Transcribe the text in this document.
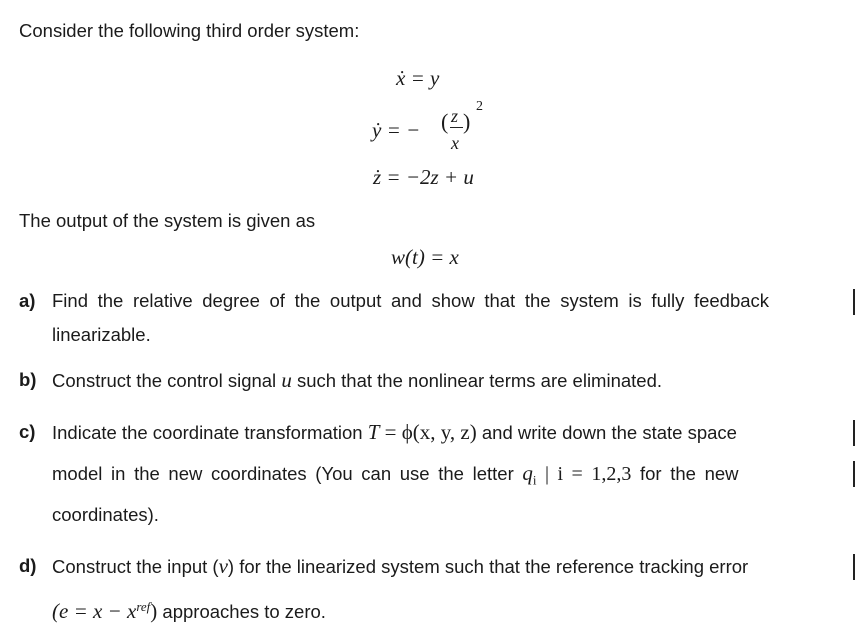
Consider the following third order system:
ẋ = y
ẏ = − ( z
x
)
2
ż = −2z + u
The output of the system is given as
w(t) = x
a) Find the relative degree of the output and show that the system is fully feedback
linearizable.
b) Construct the control signal u such that the nonlinear terms are eliminated.
c) Indicate the coordinate transformation T = ϕ(x, y, z) and write down the state space
model in the new coordinates (You can use the letter $q_i$ | i = 1,2,3 for the new
coordinates).
d) Construct the input (v) for the linearized system such that the reference tracking error
$(e = x - x^{ref})$ approaches to zero.
